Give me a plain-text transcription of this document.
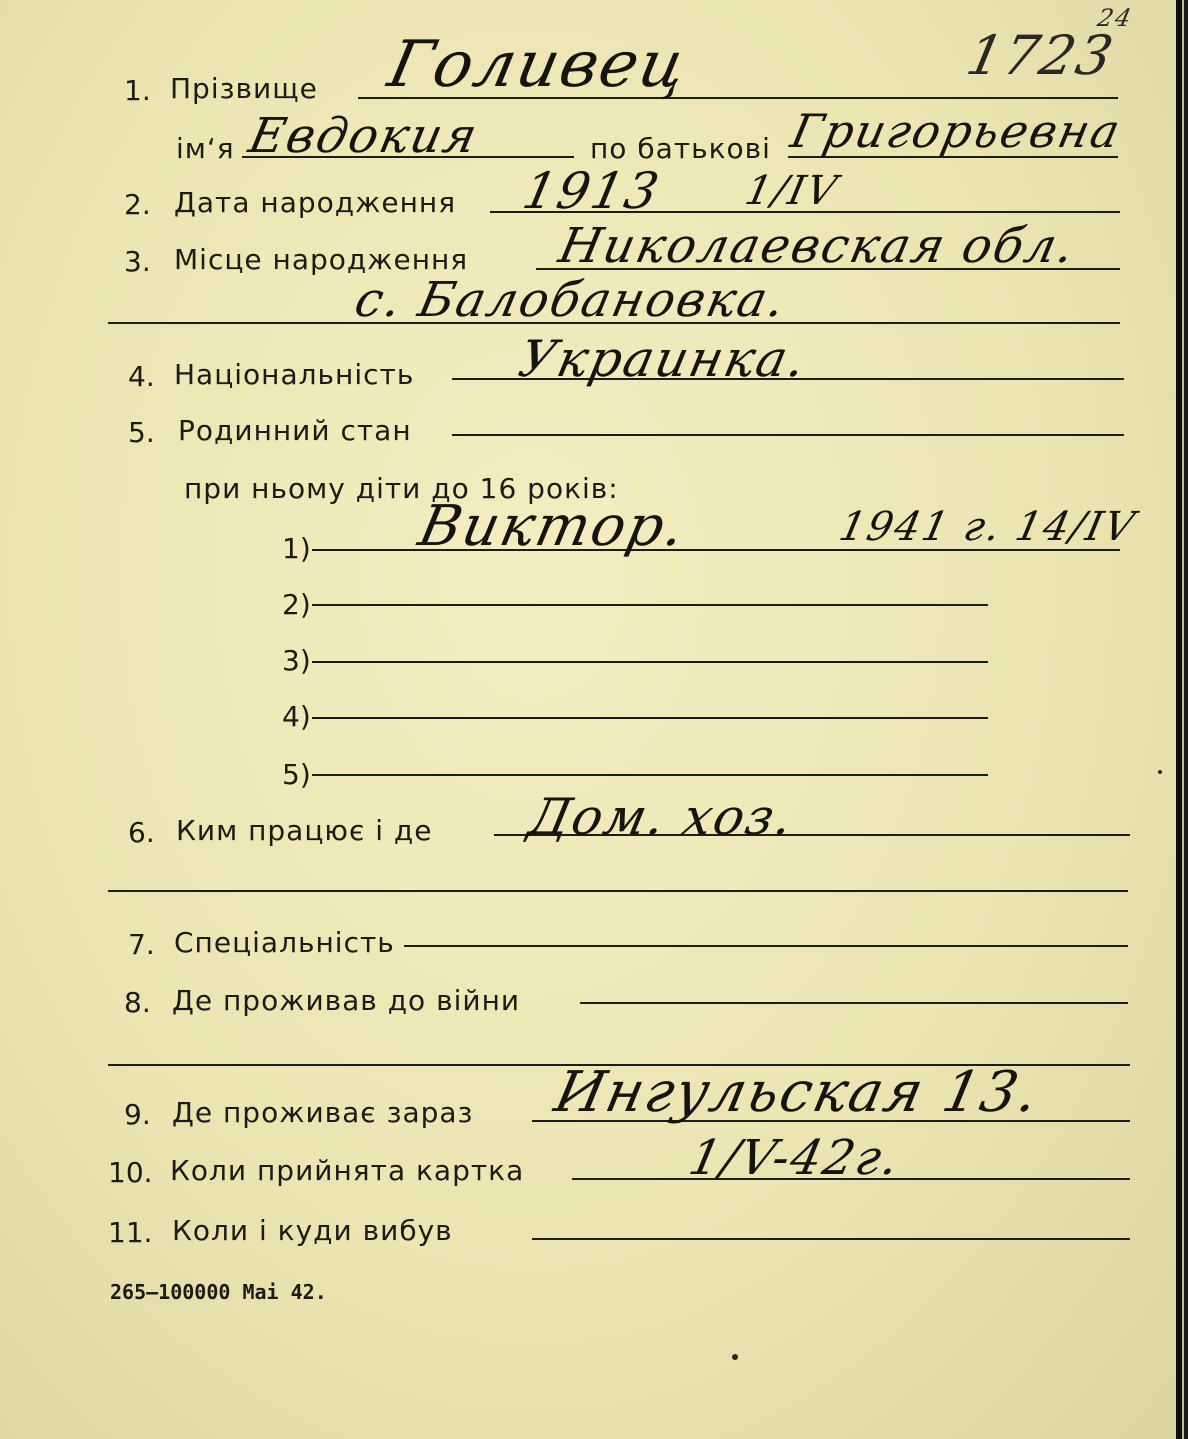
1723
24
1. Прізвище Голивец
ім‘я Евдокия	по батькові Григорьевна
2. Дата народження 1913 1/IV
3. Місце народження Николаевская обл.
с. Балобановка.
4. Національність Украинка.
5. Родинний стан
при ньому діти до 16 років:
1) Виктор.	1941 г. 14/IV
2)
3)
4)
5)
6. Ким працює і де Дом. хоз.
7. Спеціальність
8. Де проживав до війни
9. Де проживає зараз Ингульская 13.
10. Коли прийнята картка	1/V-42г.
11. Коли і куди вибув
265—100000 Mai 42.
